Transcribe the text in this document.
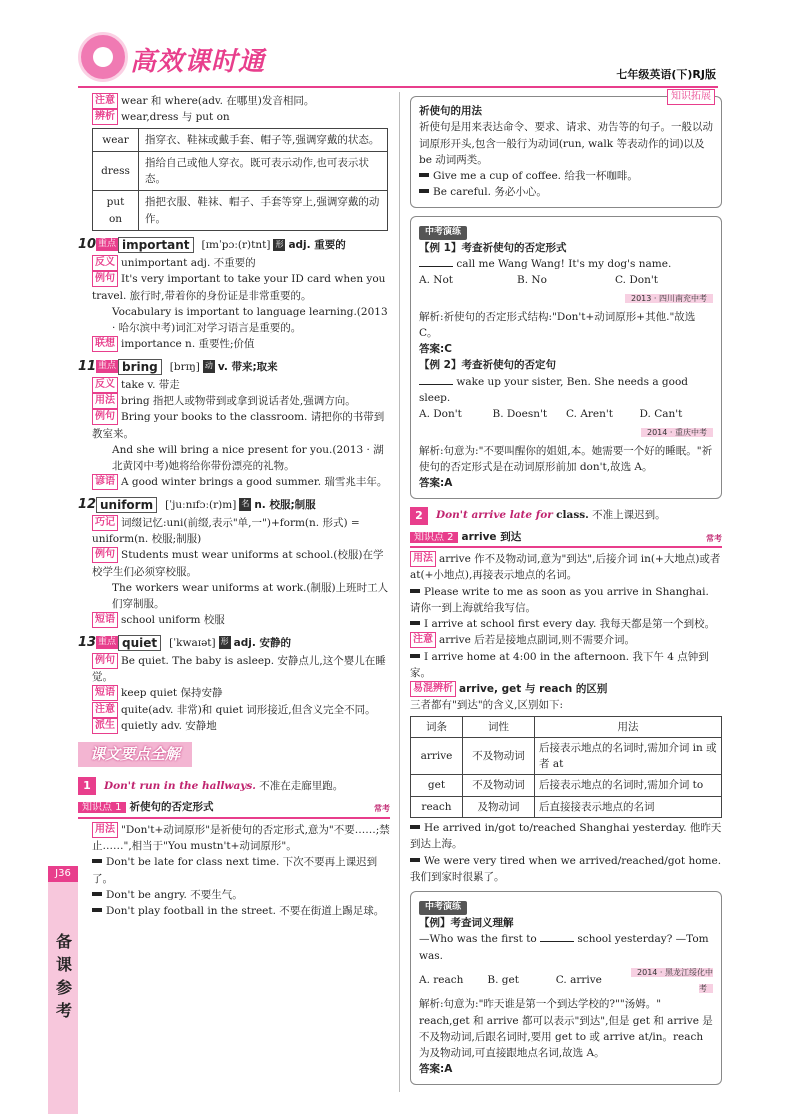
高效课时通	七年级英语(下)RJ版
J36
备课参考

注意 wear 和 where(adv. 在哪里)发音相同。

辨析 wear,dress 与 put on

wear	指穿衣、鞋袜或戴手套、帽子等,强调穿戴的状态。
dress	指给自己或他人穿衣。既可表示动作,也可表示状态。
put on	指把衣服、鞋袜、帽子、手套等穿上,强调穿戴的动作。
10 重点 important	[ɪmˈpɔː(r)tnt] 形 adj. 重要的

反义 unimportant adj. 不重要的

例句 It's very important to take your ID card when you travel. 旅行时,带着你的身份证是非常重要的。

Vocabulary is important to language learning.(2013 · 哈尔滨中考)词汇对学习语言是重要的。

联想 importance n. 重要性;价值

11 重点 bring	[brɪŋ] 动 v. 带来;取来

反义 take v. 带走

用法 bring 指把人或物带到或拿到说话者处,强调方向。

例句 Bring your books to the classroom. 请把你的书带到教室来。

And she will bring a nice present for you.(2013 · 湖北黄冈中考)她将给你带份漂亮的礼物。

谚语 A good winter brings a good summer. 瑞雪兆丰年。

12 uniform	[ˈjuːnɪfɔː(r)m] 名 n. 校服;制服

巧记 词缀记忆:uni(前缀,表示"单,一")+form(n. 形式) = uniform(n. 校服;制服)

例句 Students must wear uniforms at school.(校服)在学校学生们必须穿校服。

The workers wear uniforms at work.(制服)上班时工人们穿制服。

短语 school uniform 校服

13 重点 quiet	[ˈkwaɪət] 形 adj. 安静的

例句 Be quiet. The baby is asleep. 安静点儿,这个婴儿在睡觉。

短语 keep quiet 保持安静

注意 quite(adv. 非常)和 quiet 词形接近,但含义完全不同。

派生 quietly adv. 安静地

课文要点全解
1	Don't run in the hallways.
不准在走廊里跑。
知识点 1 祈使句的否定形式	常考

用法 "Don't+动词原形"是祈使句的否定形式,意为"不要……;禁止……",相当于"You mustn't+动词原形"。

Don't be late for class next time. 下次不要再上课迟到了。

Don't be angry. 不要生气。

Don't play football in the street. 不要在街道上踢足球。

知识拓展

祈使句的用法

祈使句是用来表达命令、要求、请求、劝告等的句子。一般以动词原形开头,包含一般行为动词(run, walk 等表动作的词)以及 be 动词两类。

Give me a cup of coffee. 给我一杯咖啡。

Be careful. 务必小心。

中考演练

【例 1】考查祈使句的否定形式

call me Wang Wang! It's my dog's name.

A. Not	B. No	C. Don't
2013 · 四川南充中考

解析:祈使句的否定形式结构:"Don't+动词原形+其他."故选 C。

答案:C

【例 2】考查祈使句的否定句

wake up your sister, Ben. She needs a good sleep.

A. Don't	B. Doesn't	C. Aren't	D. Can't
2014 · 重庆中考

解析:句意为:"不要叫醒你的姐姐,本。她需要一个好的睡眠。"祈使句的否定形式是在动词原形前加 don't,故选 A。

答案:A

2	Don't arrive late for
class.
不准上课迟到。
知识点 2 arrive 到达	常考

用法 arrive 作不及物动词,意为"到达",后接介词 in(+大地点)或者 at(+小地点),再接表示地点的名词。

Please write to me as soon as you arrive in Shanghai. 请你一到上海就给我写信。

I arrive at school first every day. 我每天都是第一个到校。

注意 arrive 后若是接地点副词,则不需要介词。

I arrive home at 4:00 in the afternoon. 我下午 4 点钟到家。

易混辨析 arrive, get 与 reach 的区别

三者都有"到达"的含义,区别如下:

词条	词性	用法
arrive	不及物动词	后接表示地点的名词时,需加介词 in 或者 at
get	不及物动词	后接表示地点的名词时,需加介词 to
reach	及物动词	后直接接表示地点的名词

He arrived in/got to/reached Shanghai yesterday. 他昨天到达上海。

We were very tired when we arrived/reached/got home. 我们到家时很累了。

中考演练

【例】考查词义理解

—Who was the first to	school yesterday? —Tom was.

A. reach	B. get	C. arrive
2014 · 黑龙江绥化中考

解析:句意为:"昨天谁是第一个到达学校的?""汤姆。" reach,get 和 arrive 都可以表示"到达",但是 get 和 arrive 是不及物动词,后跟名词时,要用 get to 或 arrive at/in。reach 为及物动词,可直接跟地点名词,故选 A。

答案:A
